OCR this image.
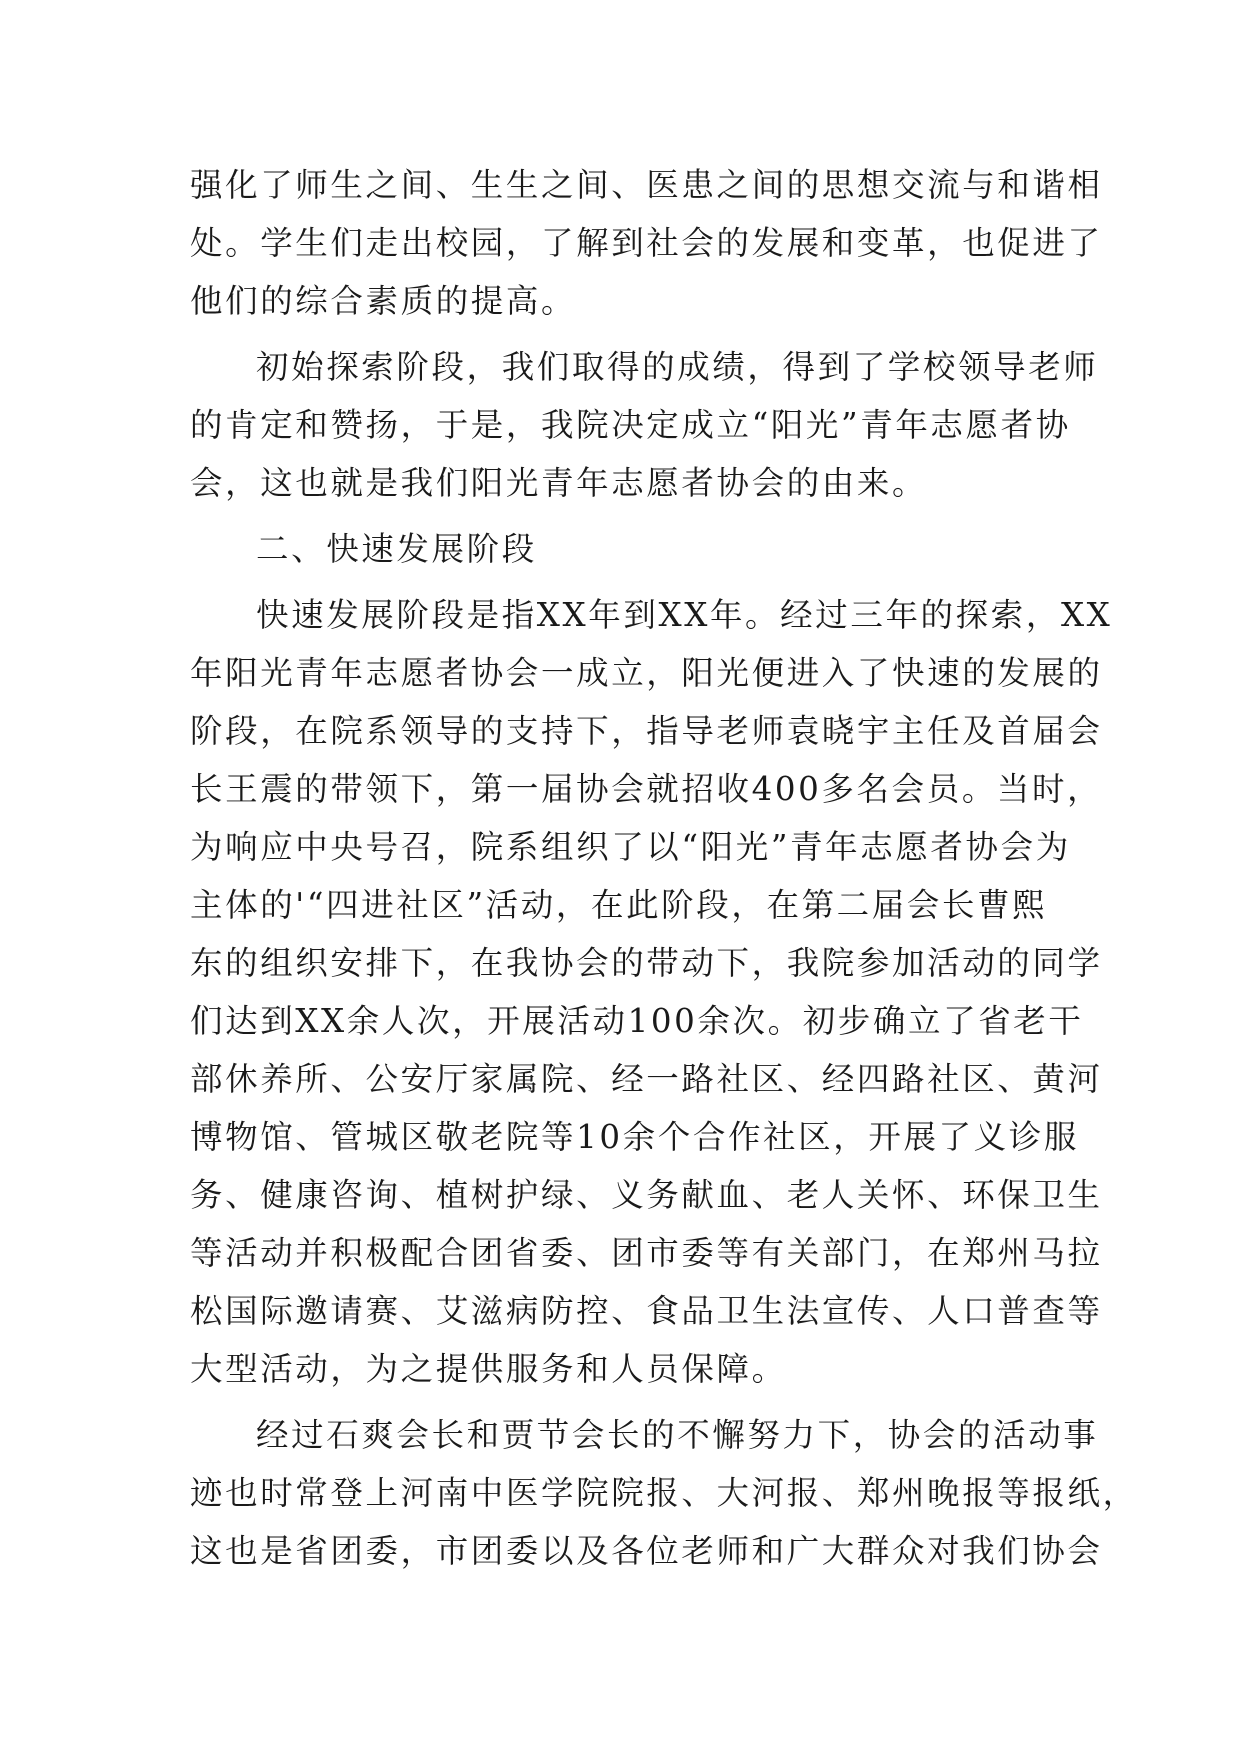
强化了师生之间、生生之间、医患之间的思想交流与和谐相
处。学生们走出校园，了解到社会的发展和变革，也促进了
他们的综合素质的提高。
初始探索阶段，我们取得的成绩，得到了学校领导老师
的肯定和赞扬，于是，我院决定成立“阳光”青年志愿者协
会，这也就是我们阳光青年志愿者协会的由来。
二、快速发展阶段
快速发展阶段是指XX年到XX年。经过三年的探索，XX
年阳光青年志愿者协会一成立，阳光便进入了快速的发展的
阶段，在院系领导的支持下，指导老师袁晓宇主任及首届会
长王震的带领下，第一届协会就招收400多名会员。当时，
为响应中央号召，院系组织了以“阳光”青年志愿者协会为
主体的'“四进社区”活动，在此阶段，在第二届会长曹熙
东的组织安排下，在我协会的带动下，我院参加活动的同学
们达到XX余人次，开展活动100余次。初步确立了省老干
部休养所、公安厅家属院、经一路社区、经四路社区、黄河
博物馆、管城区敬老院等10余个合作社区，开展了义诊服
务、健康咨询、植树护绿、义务献血、老人关怀、环保卫生
等活动并积极配合团省委、团市委等有关部门，在郑州马拉
松国际邀请赛、艾滋病防控、食品卫生法宣传、人口普查等
大型活动，为之提供服务和人员保障。
经过石爽会长和贾节会长的不懈努力下，协会的活动事
迹也时常登上河南中医学院院报、大河报、郑州晚报等报纸，
这也是省团委，市团委以及各位老师和广大群众对我们协会
